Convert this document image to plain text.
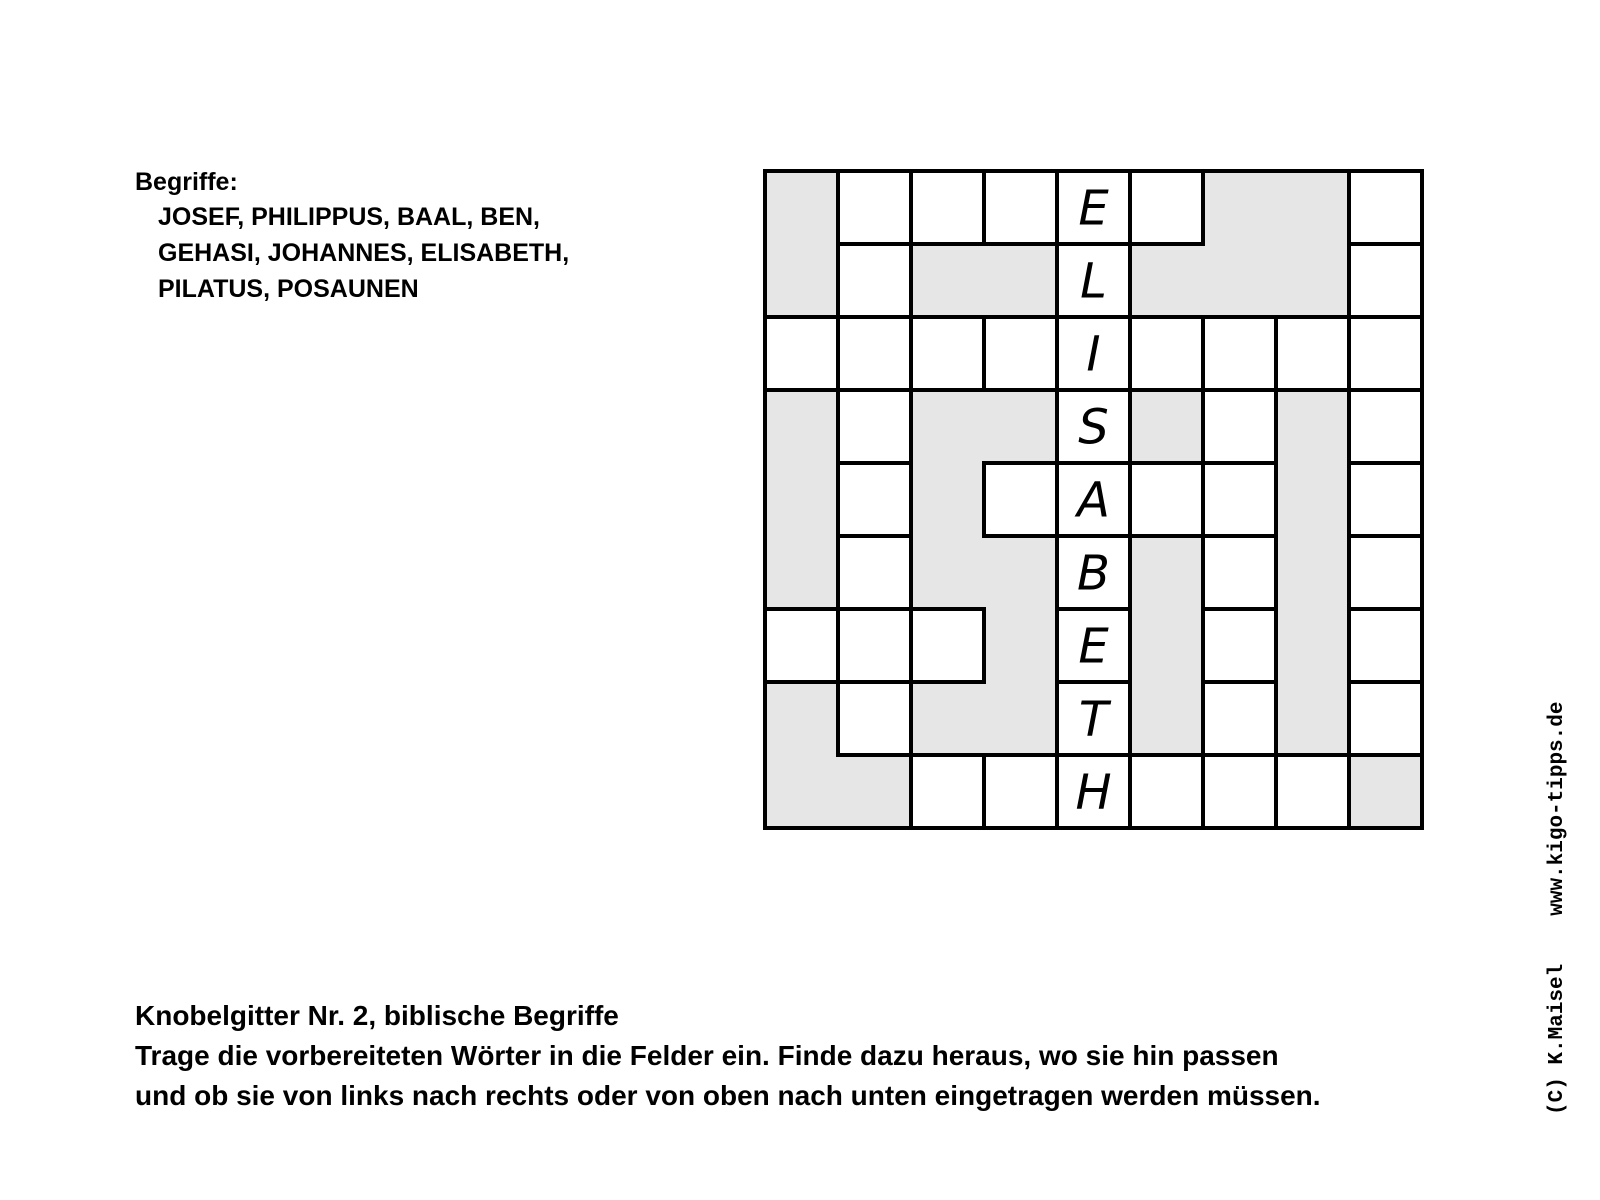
Begriffe:
JOSEF, PHILIPPUS, BAAL, BEN,
GEHASI, JOHANNES, ELISABETH,
PILATUS, POSAUNEN
E
L
I
S
A
B
E
T
H
Knobelgitter Nr. 2, biblische Begriffe
Trage die vorbereiteten Wörter in die Felder ein. Finde dazu heraus, wo sie hin passen
und ob sie von links nach rechts oder von oben nach unten eingetragen werden müssen.	(C) K.Maiselwww.kigo-tipps.de
